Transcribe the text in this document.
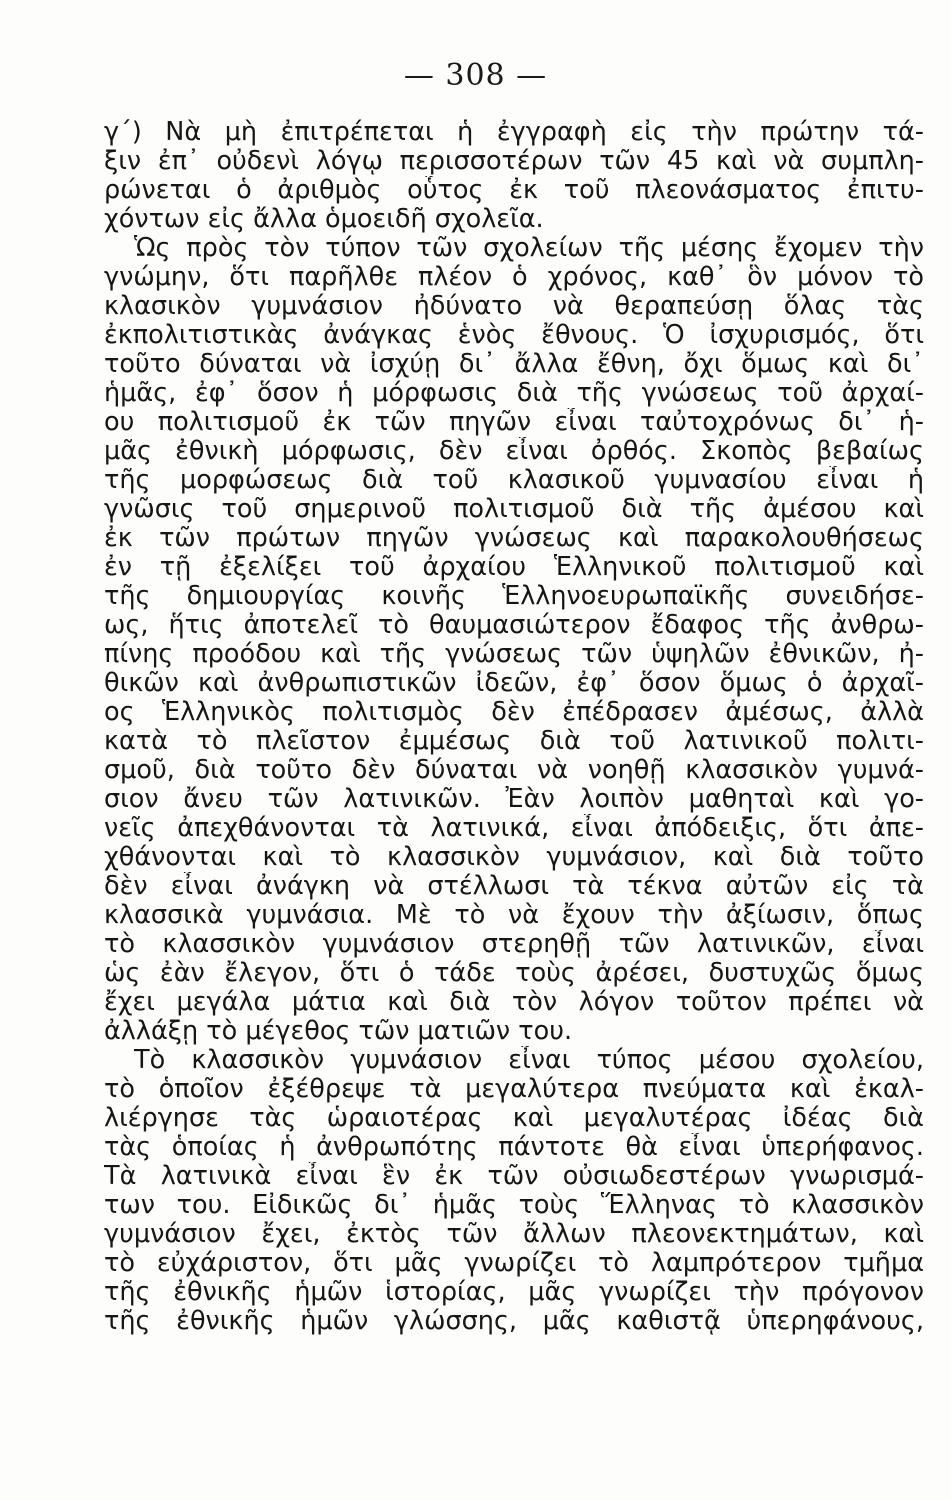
— 308 —
γ΄) Νὰ μὴ ἐπιτρέπεται ἡ ἐγγραφὴ εἰς τὴν πρώτην τά-
ξιν ἐπ᾽ οὐδενὶ λόγῳ περισσοτέρων τῶν 45 καὶ νὰ συμπλη-
ρώνεται ὁ ἀριθμὸς οὗτος ἐκ τοῦ πλεονάσματος ἐπιτυ-
χόντων εἰς ἄλλα ὁμοειδῆ σχολεῖα.
Ὡς πρὸς τὸν τύπον τῶν σχολείων τῆς μέσης ἔχομεν τὴν
γνώμην, ὅτι παρῆλθε πλέον ὁ χρόνος, καθ᾽ ὃν μόνον τὸ
κλασικὸν γυμνάσιον ἠδύνατο νὰ θεραπεύσῃ ὅλας τὰς
ἐκπολιτιστικὰς ἀνάγκας ἑνὸς ἔθνους. Ὁ ἰσχυρισμός, ὅτι
τοῦτο δύναται νὰ ἰσχύῃ δι᾽ ἄλλα ἔθνη, ὄχι ὅμως καὶ δι᾽
ἡμᾶς, ἐφ᾽ ὅσον ἡ μόρφωσις διὰ τῆς γνώσεως τοῦ ἀρχαί-
ου πολιτισμοῦ ἐκ τῶν πηγῶν εἶναι ταὐτοχρόνως δι᾽ ἡ-
μᾶς ἐθνικὴ μόρφωσις, δὲν εἶναι ὀρθός. Σκοπὸς βεβαίως
τῆς μορφώσεως διὰ τοῦ κλασικοῦ γυμνασίου εἶναι ἡ
γνῶσις τοῦ σημερινοῦ πολιτισμοῦ διὰ τῆς ἀμέσου καὶ
ἐκ τῶν πρώτων πηγῶν γνώσεως καὶ παρακολουθήσεως
ἐν τῇ ἐξελίξει τοῦ ἀρχαίου Ἑλληνικοῦ πολιτισμοῦ καὶ
τῆς δημιουργίας κοινῆς Ἑλληνοευρωπαϊκῆς συνειδήσε-
ως, ἥτις ἀποτελεῖ τὸ θαυμασιώτερον ἔδαφος τῆς ἀνθρω-
πίνης προόδου καὶ τῆς γνώσεως τῶν ὑψηλῶν ἐθνικῶν, ἠ-
θικῶν καὶ ἀνθρωπιστικῶν ἰδεῶν, ἐφ᾽ ὅσον ὅμως ὁ ἀρχαῖ-
ος Ἑλληνικὸς πολιτισμὸς δὲν ἐπέδρασεν ἀμέσως, ἀλλὰ
κατὰ τὸ πλεῖστον ἐμμέσως διὰ τοῦ λατινικοῦ πολιτι-
σμοῦ, διὰ τοῦτο δὲν δύναται νὰ νοηθῇ κλασσικὸν γυμνά-
σιον ἄνευ τῶν λατινικῶν. Ἐὰν λοιπὸν μαθηταὶ καὶ γο-
νεῖς ἀπεχθάνονται τὰ λατινικά, εἶναι ἀπόδειξις, ὅτι ἀπε-
χθάνονται καὶ τὸ κλασσικὸν γυμνάσιον, καὶ διὰ τοῦτο
δὲν εἶναι ἀνάγκη νὰ στέλλωσι τὰ τέκνα αὐτῶν εἰς τὰ
κλασσικὰ γυμνάσια. Μὲ τὸ νὰ ἔχουν τὴν ἀξίωσιν, ὅπως
τὸ κλασσικὸν γυμνάσιον στερηθῇ τῶν λατινικῶν, εἶναι
ὡς ἐὰν ἔλεγον, ὅτι ὁ τάδε τοὺς ἀρέσει, δυστυχῶς ὅμως
ἔχει μεγάλα μάτια καὶ διὰ τὸν λόγον τοῦτον πρέπει νὰ
ἀλλάξῃ τὸ μέγεθος τῶν ματιῶν του.
Τὸ κλασσικὸν γυμνάσιον εἶναι τύπος μέσου σχολείου,
τὸ ὁποῖον ἐξέθρεψε τὰ μεγαλύτερα πνεύματα καὶ ἐκαλ-
λιέργησε τὰς ὡραιοτέρας καὶ μεγαλυτέρας ἰδέας διὰ
τὰς ὁποίας ἡ ἀνθρωπότης πάντοτε θὰ εἶναι ὑπερήφανος.
Τὰ λατινικὰ εἶναι ἓν ἐκ τῶν οὐσιωδεστέρων γνωρισμά-
των του. Εἰδικῶς δι᾽ ἡμᾶς τοὺς Ἕλληνας τὸ κλασσικὸν
γυμνάσιον ἔχει, ἐκτὸς τῶν ἄλλων πλεονεκτημάτων, καὶ
τὸ εὐχάριστον, ὅτι μᾶς γνωρίζει τὸ λαμπρότερον τμῆμα
τῆς ἐθνικῆς ἡμῶν ἱστορίας, μᾶς γνωρίζει τὴν πρόγονον
τῆς ἐθνικῆς ἡμῶν γλώσσης, μᾶς καθιστᾷ ὑπερηφάνους,
